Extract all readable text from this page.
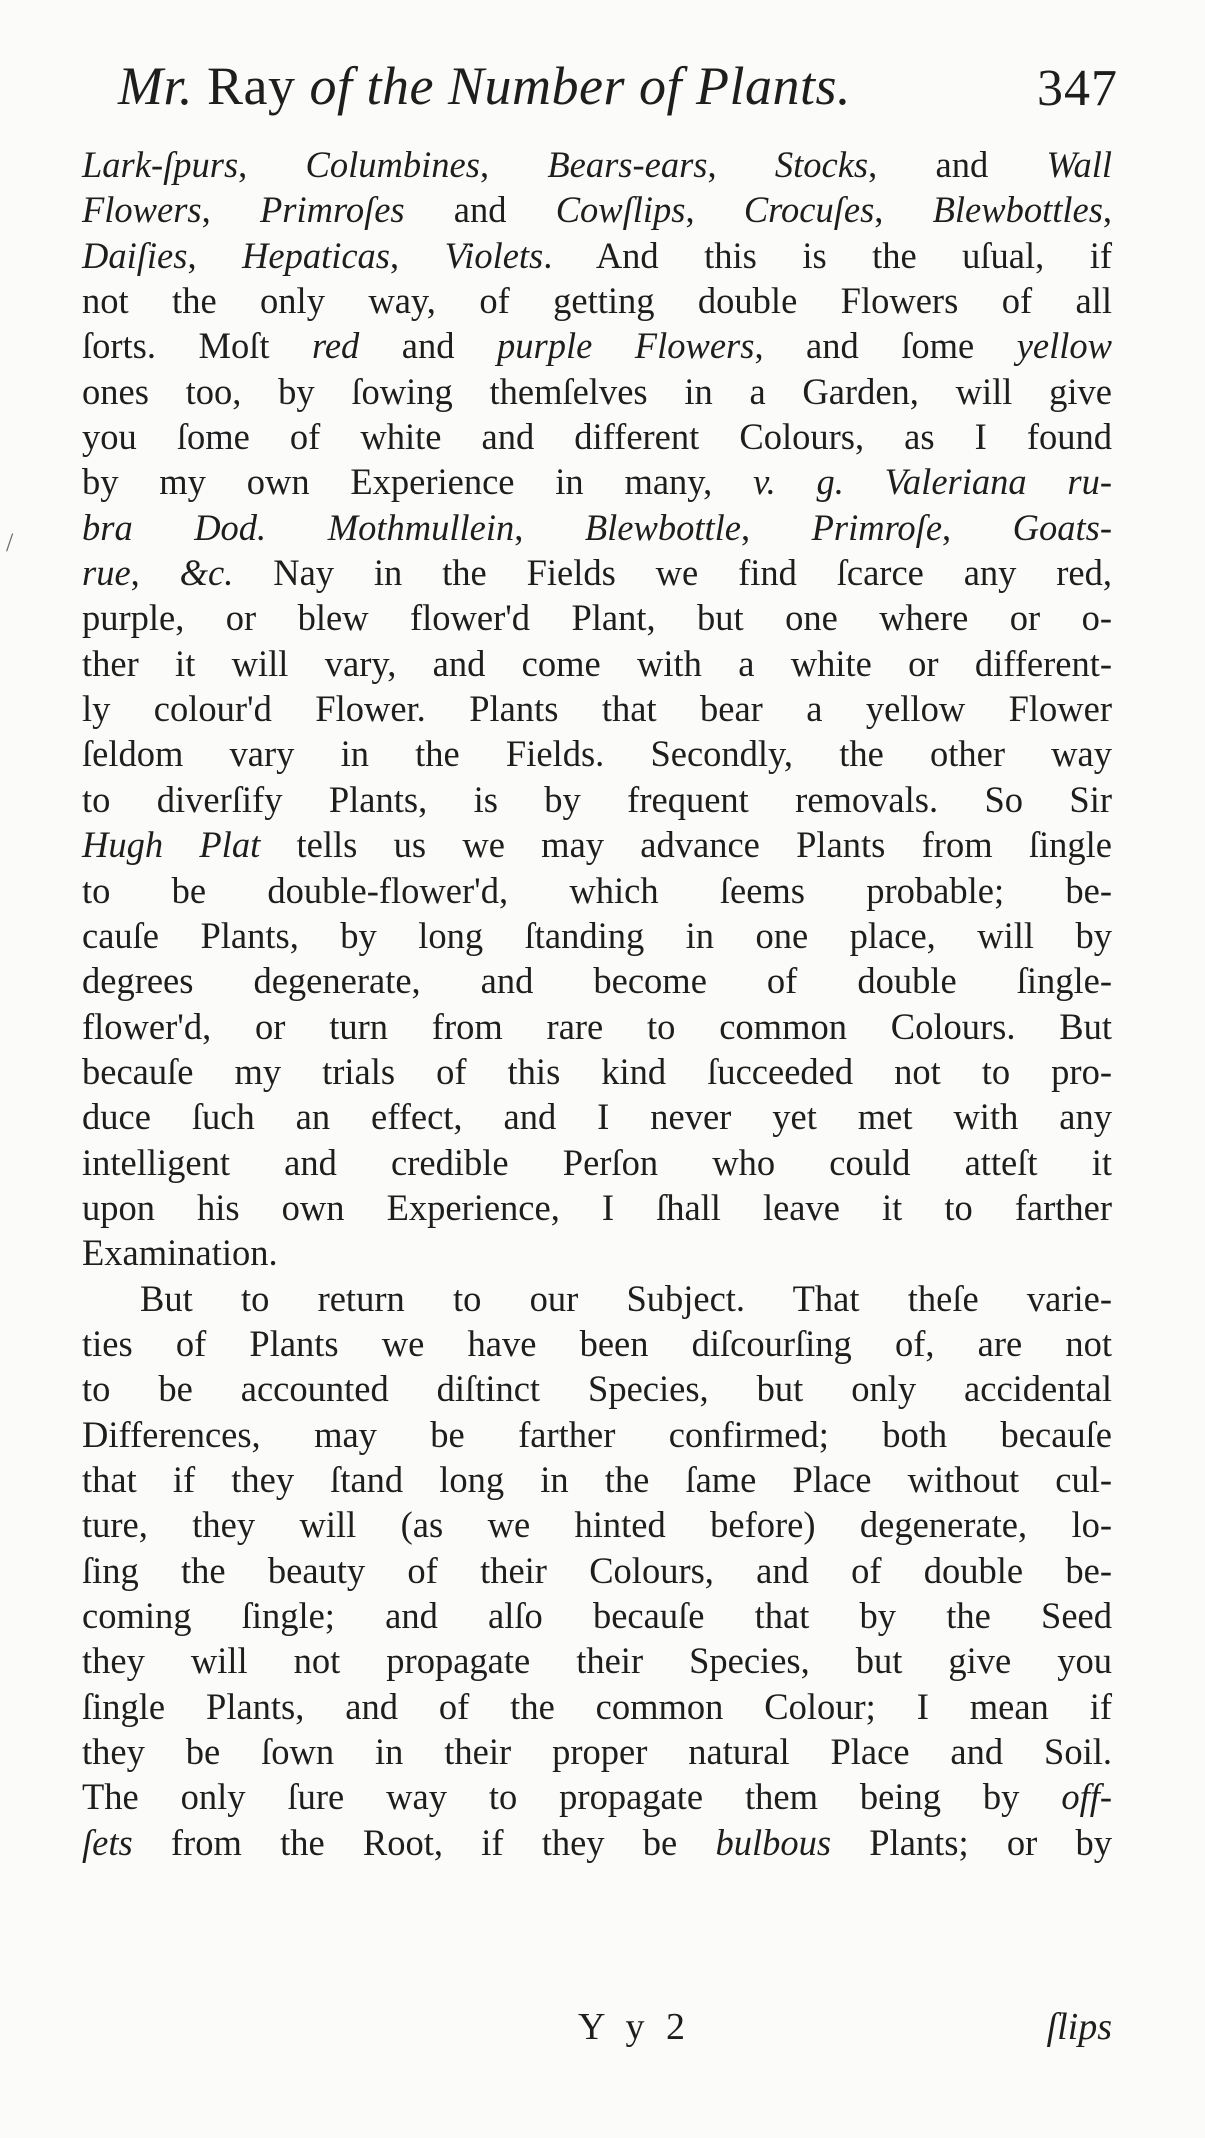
Mr. Ray of the Number of Plants.	347
Lark-ſpurs, Columbines, Bears-ears, Stocks, and Wall
Flowers, Primroſes and Cowſlips, Crocuſes, Blewbottles,
Daiſies, Hepaticas, Violets. And this is the uſual, if
not the only way, of getting double Flowers of all
ſorts. Moſt red and purple Flowers, and ſome yellow
ones too, by ſowing themſelves in a Garden, will give
you ſome of white and different Colours, as I found
by my own Experience in many, v. g. Valeriana ru-
bra Dod. Mothmullein, Blewbottle, Primroſe, Goats-
rue, &c. Nay in the Fields we find ſcarce any red,
purple, or blew flower'd Plant, but one where or o-
ther it will vary, and come with a white or different-
ly colour'd Flower. Plants that bear a yellow Flower
ſeldom vary in the Fields. Secondly, the other way
to diverſify Plants, is by frequent removals. So Sir
Hugh Plat tells us we may advance Plants from ſingle
to be double-flower'd, which ſeems probable; be-
cauſe Plants, by long ſtanding in one place, will by
degrees degenerate, and become of double ſingle-
flower'd, or turn from rare to common Colours. But
becauſe my trials of this kind ſucceeded not to pro-
duce ſuch an effect, and I never yet met with any
intelligent and credible Perſon who could atteſt it
upon his own Experience, I ſhall leave it to farther
Examination.
But to return to our Subject. That theſe varie-
ties of Plants we have been diſcourſing of, are not
to be accounted diſtinct Species, but only accidental
Differences, may be farther confirmed; both becauſe
that if they ſtand long in the ſame Place without cul-
ture, they will (as we hinted before) degenerate, lo-
ſing the beauty of their Colours, and of double be-
coming ſingle; and alſo becauſe that by the Seed
they will not propagate their Species, but give you
ſingle Plants, and of the common Colour; I mean if
they be ſown in their proper natural Place and Soil.
The only ſure way to propagate them being by off-
ſets from the Root, if they be bulbous Plants; or by
Y y 2	ſlips
/
